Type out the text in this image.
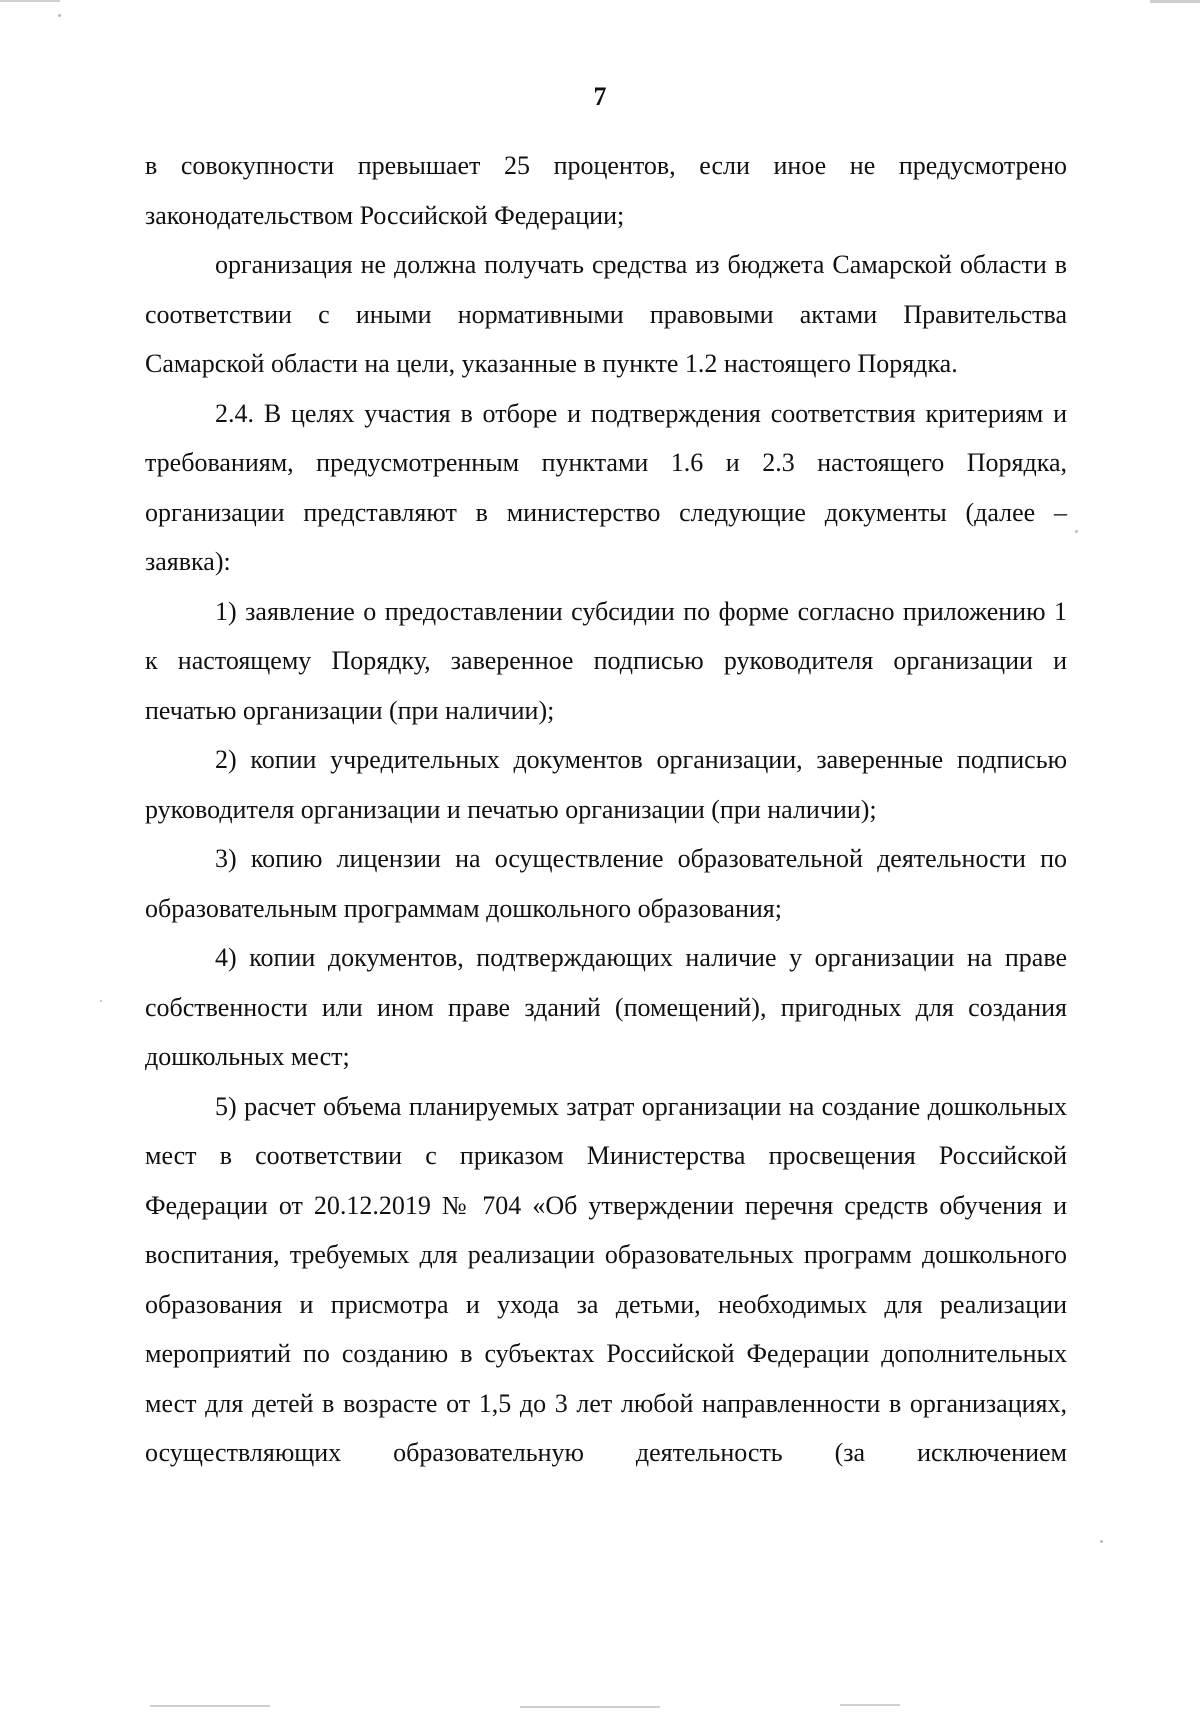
7

в совокупности превышает 25 процентов, если иное не предусмотрено законодательством Российской Федерации;

организация не должна получать средства из бюджета Самарской области в соответствии с иными нормативными правовыми актами Правительства Самарской области на цели, указанные в пункте 1.2 настоящего Порядка.

2.4. В целях участия в отборе и подтверждения соответствия критериям и требованиям, предусмотренным пунктами 1.6 и 2.3 настоящего Порядка, организации представляют в министерство следующие документы (далее – заявка):

1) заявление о предоставлении субсидии по форме согласно приложению 1 к настоящему Порядку, заверенное подписью руководителя организации и печатью организации (при наличии);

2) копии учредительных документов организации, заверенные подписью руководителя организации и печатью организации (при наличии);

3) копию лицензии на осуществление образовательной деятельности по образовательным программам дошкольного образования;

4) копии документов, подтверждающих наличие у организации на праве собственности или ином праве зданий (помещений), пригодных для создания дошкольных мест;

5) расчет объема планируемых затрат организации на создание дошкольных мест в соответствии с приказом Министерства просвещения Российской Федерации от 20.12.2019 № 704 «Об утверждении перечня средств обучения и воспитания, требуемых для реализации образовательных программ дошкольного образования и присмотра и ухода за детьми, необходимых для реализации мероприятий по созданию в субъектах Российской Федерации дополнительных мест для детей в возрасте от 1,5 до 3 лет любой направленности в организациях, осуществляющих образовательную деятельность (за исключением
